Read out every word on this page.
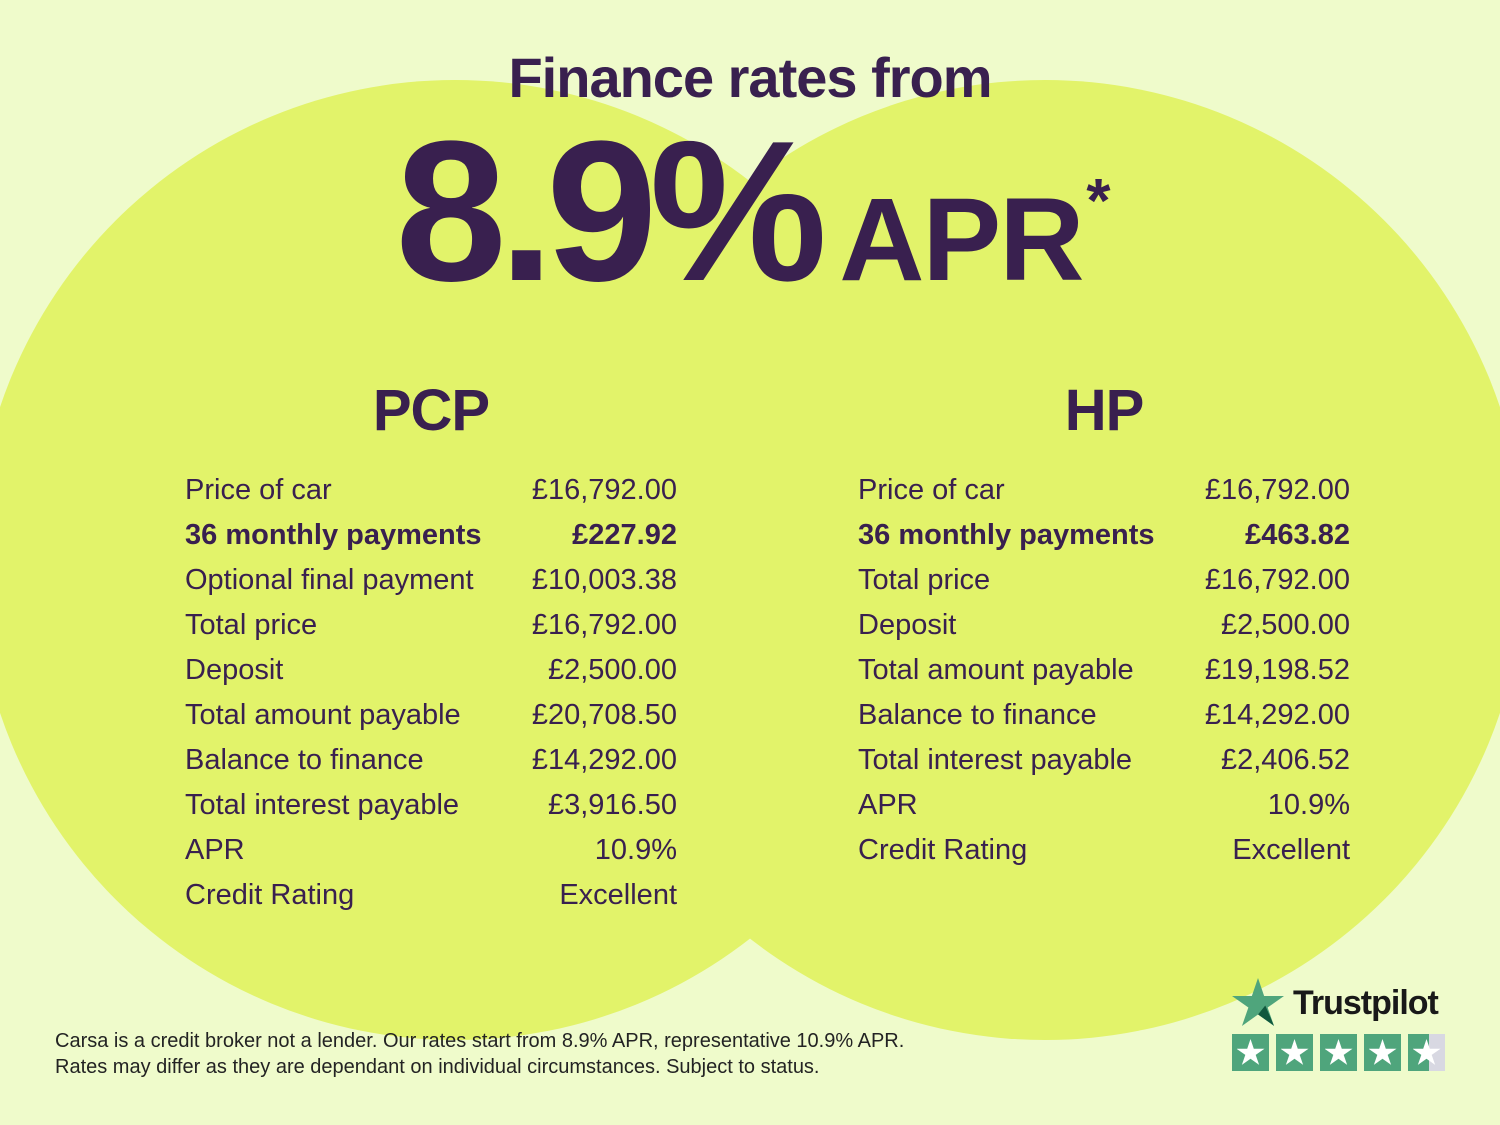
Finance rates from
8.9% APR*
PCP
Price of car	£16,792.00
36 monthly payments	£227.92
Optional final payment £10,003.38
Total price	£16,792.00
Deposit	£2,500.00
Total amount payable £20,708.50
Balance to finance	£14,292.00
Total interest payable	£3,916.50
APR	10.9%
Credit Rating	Excellent
HP
Price of car	£16,792.00
36 monthly payments	£463.82
Total price	£16,792.00
Deposit	£2,500.00
Total amount payable £19,198.52
Balance to finance	£14,292.00
Total interest payable	£2,406.52
APR	10.9%
Credit Rating	Excellent
Carsa is a credit broker not a lender. Our rates start from 8.9% APR, representative 10.9% APR.
Rates may differ as they are dependant on individual circumstances. Subject to status.
Trustpilot
